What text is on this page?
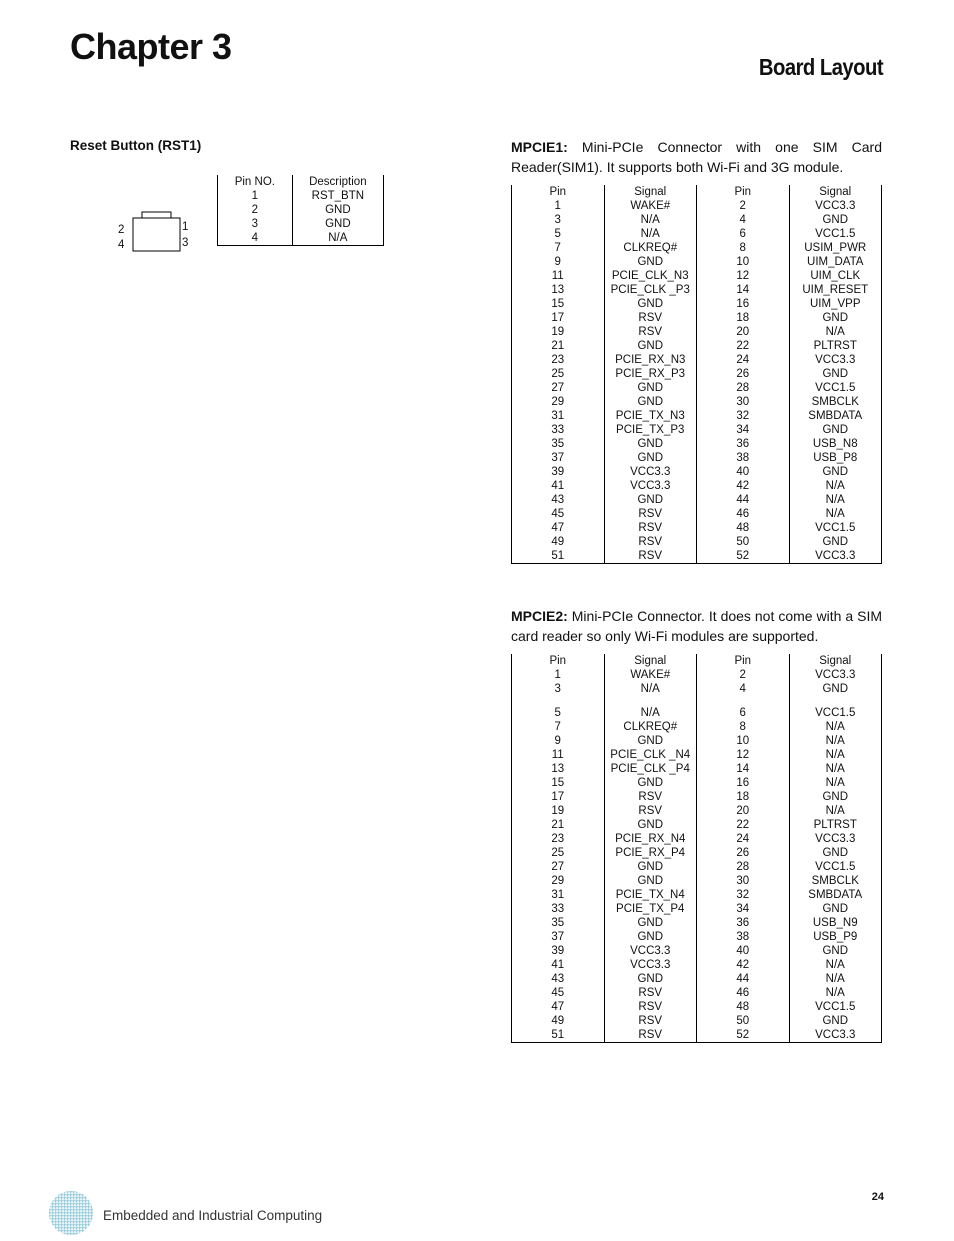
Chapter 3	Board Layout
Reset Button (RST1)
2
4
1
3
Pin NO.	Description
1	RST_BTN
2	GND
3	GND
4	N/A
MPCIE1: Mini-PCIe Connector with one SIM Card Reader(SIM1). It supports both Wi-Fi and 3G module.
Pin	Signal	Pin	Signal
1	WAKE#	2	VCC3.3
3	N/A	4	GND
5	N/A	6	VCC1.5
7	CLKREQ#	8	USIM_PWR
9	GND	10	UIM_DATA
11	PCIE_CLK_N3	12	UIM_CLK
13	PCIE_CLK _P3	14	UIM_RESET
15	GND	16	UIM_VPP
17	RSV	18	GND
19	RSV	20	N/A
21	GND	22	PLTRST
23	PCIE_RX_N3	24	VCC3.3
25	PCIE_RX_P3	26	GND
27	GND	28	VCC1.5
29	GND	30	SMBCLK
31	PCIE_TX_N3	32	SMBDATA
33	PCIE_TX_P3	34	GND
35	GND	36	USB_N8
37	GND	38	USB_P8
39	VCC3.3	40	GND
41	VCC3.3	42	N/A
43	GND	44	N/A
45	RSV	46	N/A
47	RSV	48	VCC1.5
49	RSV	50	GND
51	RSV	52	VCC3.3
MPCIE2: Mini-PCIe Connector. It does not come with a SIM card reader so only Wi-Fi modules are supported.
Pin	Signal	Pin	Signal
1	WAKE#	2	VCC3.3
3	N/A	4	GND
5	N/A	6	VCC1.5
7	CLKREQ#	8	N/A
9	GND	10	N/A
11	PCIE_CLK _N4	12	N/A
13	PCIE_CLK _P4	14	N/A
15	GND	16	N/A
17	RSV	18	GND
19	RSV	20	N/A
21	GND	22	PLTRST
23	PCIE_RX_N4	24	VCC3.3
25	PCIE_RX_P4	26	GND
27	GND	28	VCC1.5
29	GND	30	SMBCLK
31	PCIE_TX_N4	32	SMBDATA
33	PCIE_TX_P4	34	GND
35	GND	36	USB_N9
37	GND	38	USB_P9
39	VCC3.3	40	GND
41	VCC3.3	42	N/A
43	GND	44	N/A
45	RSV	46	N/A
47	RSV	48	VCC1.5
49	RSV	50	GND
51	RSV	52	VCC3.3
Embedded and Industrial Computing
24
